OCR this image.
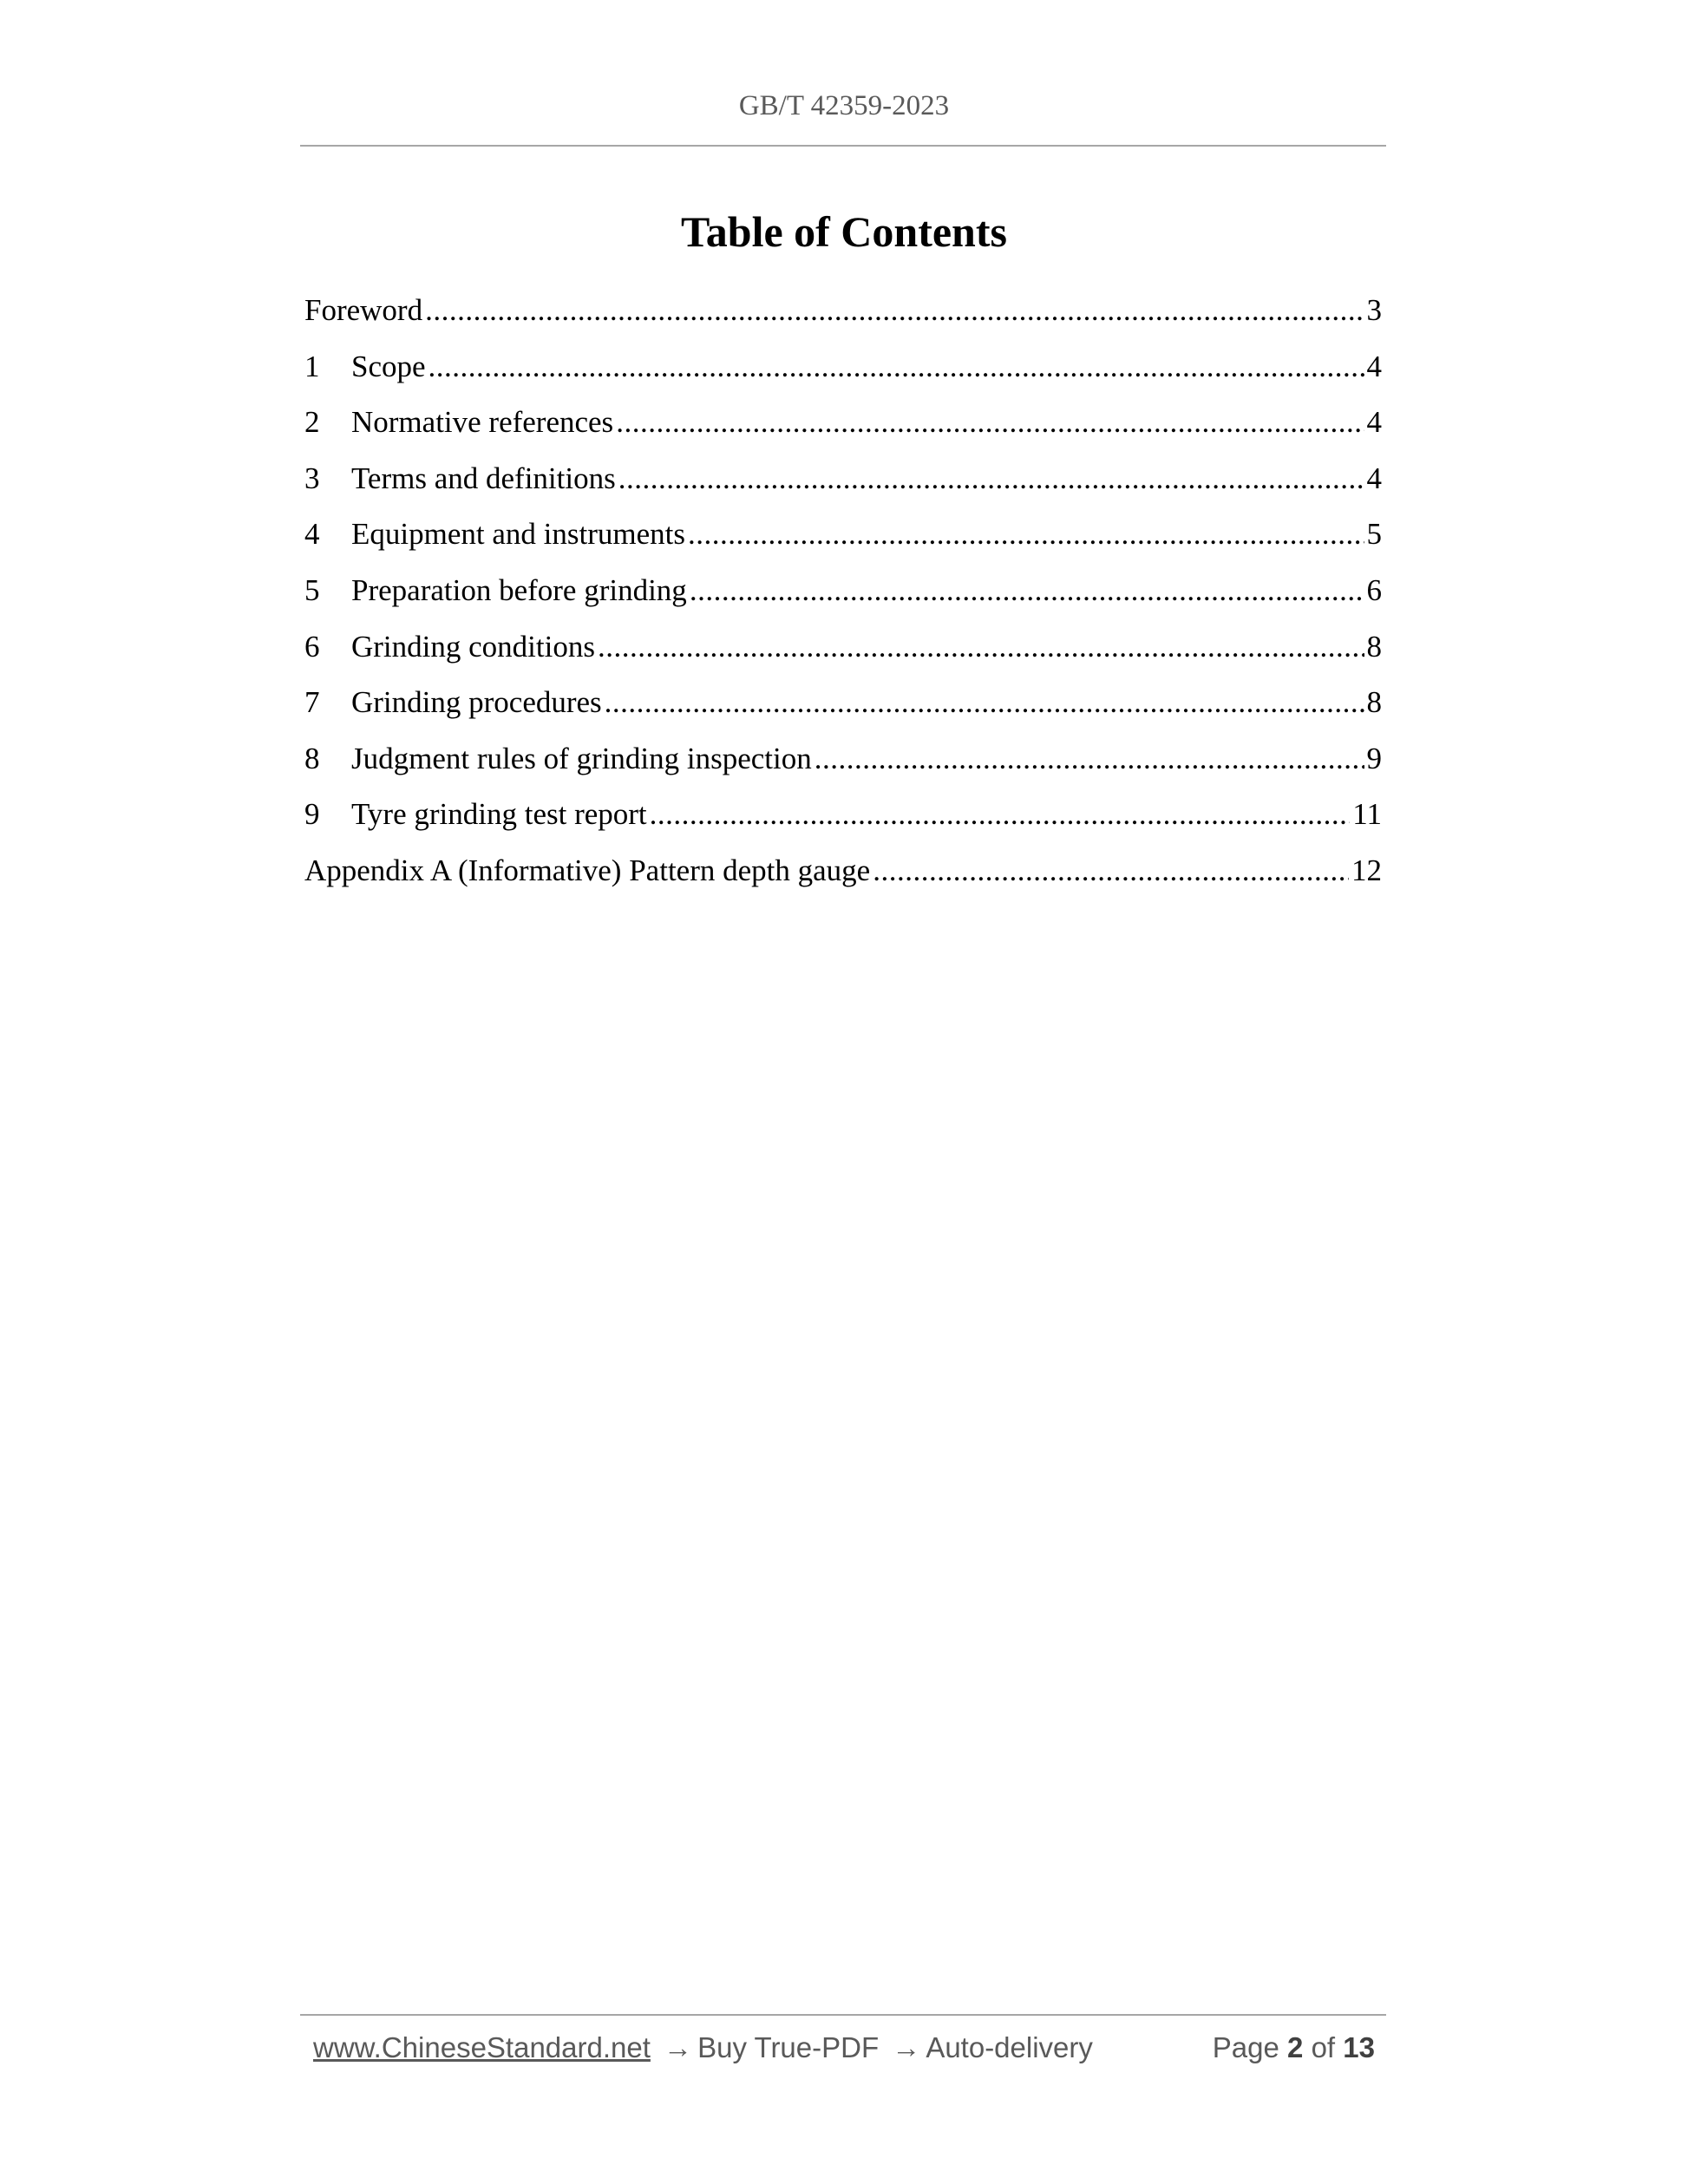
GB/T 42359-2023
Table of Contents
Foreword .....	3
1	Scope .....	4
2	Normative references .....	4
3	Terms and definitions .....	4
4	Equipment and instruments .....	5
5	Preparation before grinding .....	6
6	Grinding conditions .....	8
7	Grinding procedures .....	8
8	Judgment rules of grinding inspection .....	9
9	Tyre grinding test report .....	11
Appendix A (Informative) Pattern depth gauge .....	12
www.ChineseStandard.net → Buy True-PDF → Auto-delivery	Page 2 of 13
